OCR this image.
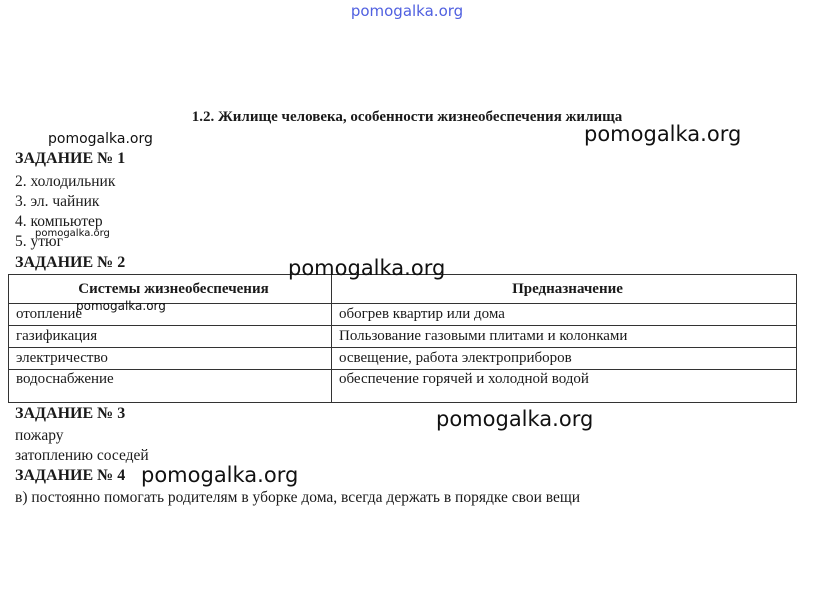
pomogalka.org
1.2. Жилище человека, особенности жизнеобеспечения жилища
ЗАДАНИЕ № 1
2. холодильник
3. эл. чайник
4. компьютер
5. утюг
ЗАДАНИЕ № 2
Системы жизнеобеспечения	Предназначение
отопление	обогрев квартир или дома
газификация	Пользование газовыми плитами и колонками
электричество	освещение, работа электроприборов
водоснабжение	обеспечение горячей и холодной водой
ЗАДАНИЕ № 3
пожару
затоплению соседей
ЗАДАНИЕ № 4
в) постоянно помогать родителям в уборке дома, всегда держать в порядке свои вещи
pomogalka.org	pomogalka.org
pomogalka.org
pomogalka.org
pomogalka.org
pomogalka.org
pomogalka.org
